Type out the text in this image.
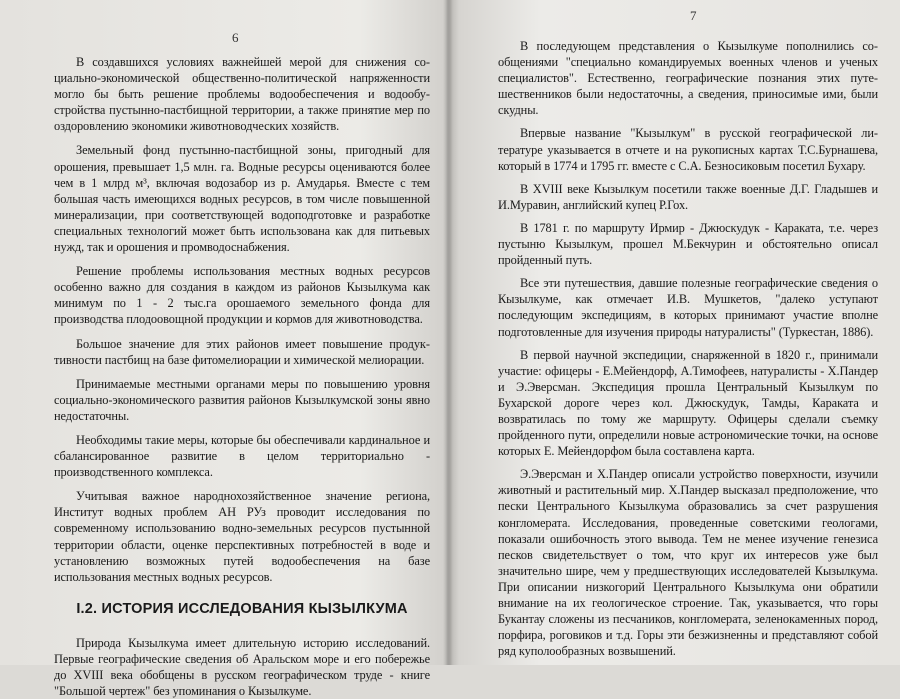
6

В создавшихся условиях важнейшей мерой для снижения социально-экономической общественно-политической напряженности могло бы быть решение проблемы водообеспечения и водообустройства пустынно-пастбищной территории, а также принятие мер по оздоровлению экономики животноводческих хозяйств.

Земельный фонд пустынно-пастбищной зоны, пригодный для орошения, превышает 1,5 млн. га. Водные ресурсы оцениваются более чем в 1 млрд м³, включая водозабор из р. Амударья. Вместе с тем большая часть имеющихся водных ресурсов, в том числе повышенной минерализации, при соответствующей водоподготовке и разработке специальных технологий может быть использована как для питьевых нужд, так и орошения и промводоснабжения.

Решение проблемы использования местных водных ресурсов особенно важно для создания в каждом из районов Кызылкума как минимум по 1 - 2 тыс.га орошаемого земельного фонда для производства плодоовощной продукции и кормов для животноводства.

Большое значение для этих районов имеет повышение продуктивности пастбищ на базе фитомелиорации и химической мелиорации.

Принимаемые местными органами меры по повышению уровня социально-экономического развития районов Кызылкумской зоны явно недостаточны.

Необходимы такие меры, которые бы обеспечивали кардинальное и сбалансированное развитие в целом территориально - производственного комплекса.

Учитывая важное народнохозяйственное значение региона, Институт водных проблем АН РУз проводит исследования по современному использованию водно-земельных ресурсов пустынной территории области, оценке перспективных потребностей в воде и установлению возможных путей водообеспечения на базе использования местных водных ресурсов.

I.2. ИСТОРИЯ ИССЛЕДОВАНИЯ КЫЗЫЛКУМА

Природа Кызылкума имеет длительную историю исследований. Первые географические сведения об Аральском море и его побережье до XVIII века обобщены в русском географическом труде - книге "Большой чертеж" без упоминания о Кызылкуме.

7

В последующем представления о Кызылкуме пополнились сообщениями "специально командируемых военных членов и ученых специалистов". Естественно, географические познания этих путешественников были недостаточны, а сведения, приносимые ими, были скудны.

Впервые название "Кызылкум" в русской географической литературе указывается в отчете и на рукописных картах Т.С.Бурнашева, который в 1774 и 1795 гг. вместе с С.А. Безносиковым посетил Бухару.

В XVIII веке Кызылкум посетили также военные Д.Г. Гладышев и И.Муравин, английский купец Р.Гох.

В 1781 г. по маршруту Ирмир - Джюскудук - Караката, т.е. через пустыню Кызылкум, прошел М.Бекчурин и обстоятельно описал пройденный путь.

Все эти путешествия, давшие полезные географические сведения о Кызылкуме, как отмечает И.В. Мушкетов, "далеко уступают последующим экспедициям, в которых принимают участие вполне подготовленные для изучения природы натуралисты" (Туркестан, 1886).

В первой научной экспедиции, снаряженной в 1820 г., принимали участие: офицеры - Е.Мейендорф, А.Тимофеев, натуралисты - Х.Пандер и Э.Эверсман. Экспедиция прошла Центральный Кызылкум по Бухарской дороге через кол. Джюскудук, Тамды, Караката и возвратилась по тому же маршруту. Офицеры сделали съемку пройденного пути, определили новые астрономические точки, на основе которых Е. Мейендорфом была составлена карта.

Э.Эверсман и Х.Пандер описали устройство поверхности, изучили животный и растительный мир. Х.Пандер высказал предположение, что пески Центрального Кызылкума образовались за счет разрушения конгломерата. Исследования, проведенные советскими геологами, показали ошибочность этого вывода. Тем не менее изучение генезиса песков свидетельствует о том, что круг их интересов уже был значительно шире, чем у предшествующих исследователей Кызылкума. При описании низкогорий Центрального Кызылкума они обратили внимание на их геологическое строение. Так, указывается, что горы Букантау сложены из песчаников, конгломерата, зеленокаменных пород, порфира, роговиков и т.д. Горы эти безжизненны и представляют собой ряд куполообразных возвышений.
